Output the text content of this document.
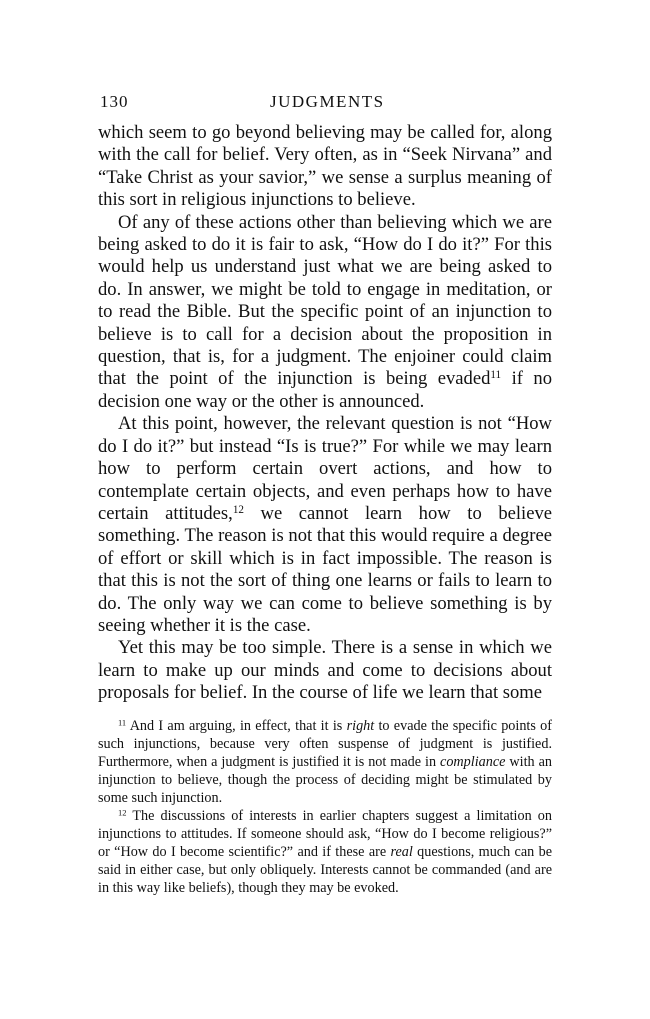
130	JUDGMENTS

which seem to go beyond believing may be called for, along with the call for belief. Very often, as in “Seek Nirvana” and “Take Christ as your savior,” we sense a surplus meaning of this sort in religious injunctions to believe.

Of any of these actions other than believing which we are being asked to do it is fair to ask, “How do I do it?” For this would help us understand just what we are being asked to do. In answer, we might be told to engage in meditation, or to read the Bible. But the specific point of an injunction to believe is to call for a decision about the proposition in question, that is, for a judgment. The enjoiner could claim that the point of the injunction is being evaded$^{11}$ if no decision one way or the other is announced.

At this point, however, the relevant question is not “How do I do it?” but instead “Is is true?” For while we may learn how to perform certain overt actions, and how to contemplate certain objects, and even perhaps how to have certain attitudes,$^{12}$ we cannot learn how to believe something. The reason is not that this would require a degree of effort or skill which is in fact impossible. The reason is that this is not the sort of thing one learns or fails to learn to do. The only way we can come to believe something is by seeing whether it is the case.

Yet this may be too simple. There is a sense in which we learn to make up our minds and come to decisions about proposals for belief. In the course of life we learn that some

$^{11}$ And I am arguing, in effect, that it is right to evade the specific points of such injunctions, because very often suspense of judgment is justified. Furthermore, when a judgment is justified it is not made in compliance with an injunction to believe, though the process of deciding might be stimulated by some such injunction.

$^{12}$ The discussions of interests in earlier chapters suggest a limitation on injunctions to attitudes. If someone should ask, “How do I become religious?” or “How do I become scientific?” and if these are real questions, much can be said in either case, but only obliquely. Interests cannot be commanded (and are in this way like beliefs), though they may be evoked.
